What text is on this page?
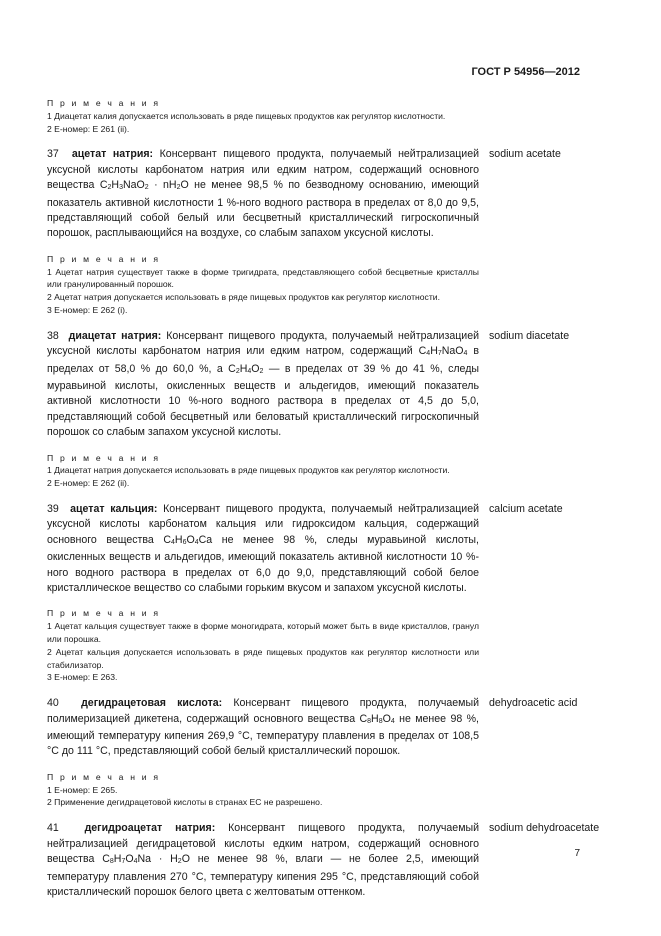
ГОСТ Р 54956—2012

П р и м е ч а н и я

1 Диацетат калия допускается использовать в ряде пищевых продуктов как регулятор кислотности.

2 E-номер: E 261 (ii).

37 ацетат натрия: Консервант пищевого продукта, получаемый нейтрализацией уксусной кислоты карбонатом натрия или едким натром, содержащий основного вещества $C_2H_3NaO_2 \cdot nH_2O$ не менее 98,5 % по безводному основанию, имеющий показатель активной кислотности 1 %-ного водного раствора в пределах от 8,0 до 9,5, представляющий собой белый или бесцветный кристаллический гигроскопичный порошок, расплывающийся на воздухе, со слабым запахом уксусной кислоты.
sodium acetate

П р и м е ч а н и я

1 Ацетат натрия существует также в форме тригидрата, представляющего собой бесцветные кристаллы или гранулированный порошок.

2 Ацетат натрия допускается использовать в ряде пищевых продуктов как регулятор кислотности.

3 E-номер: E 262 (i).

38 диацетат натрия: Консервант пищевого продукта, получаемый нейтрализацией уксусной кислоты карбонатом натрия или едким натром, содержащий $C_4H_7NaO_4$ в пределах от 58,0 % до 60,0 %, а $C_2H_4O_2$ — в пределах от 39 % до 41 %, следы муравьиной кислоты, окисленных веществ и альдегидов, имеющий показатель активной кислотности 10 %-ного водного раствора в пределах от 4,5 до 5,0, представляющий собой бесцветный или беловатый кристаллический гигроскопичный порошок со слабым запахом уксусной кислоты.
sodium diacetate

П р и м е ч а н и я

1 Диацетат натрия допускается использовать в ряде пищевых продуктов как регулятор кислотности.

2 E-номер: E 262 (ii).

39 ацетат кальция: Консервант пищевого продукта, получаемый нейтрализацией уксусной кислоты карбонатом кальция или гидроксидом кальция, содержащий основного вещества $C_4H_6O_4Ca$ не менее 98 %, следы муравьиной кислоты, окисленных веществ и альдегидов, имеющий показатель активной кислотности 10 %-ного водного раствора в пределах от 6,0 до 9,0, представляющий собой белое кристаллическое вещество со слабыми горьким вкусом и запахом уксусной кислоты.
calcium acetate

П р и м е ч а н и я

1 Ацетат кальция существует также в форме моногидрата, который может быть в виде кристаллов, гранул или порошка.

2 Ацетат кальция допускается использовать в ряде пищевых продуктов как регулятор кислотности или стабилизатор.

3 E-номер: E 263.

40 дегидрацетовая кислота: Консервант пищевого продукта, получаемый полимеризацией дикетена, содержащий основного вещества $C_8H_8O_4$ не менее 98 %, имеющий температуру кипения 269,9 °С, температуру плавления в пределах от 108,5 °С до 111 °С, представляющий собой белый кристаллический порошок.
dehydroacetic acid

П р и м е ч а н и я

1 E-номер: E 265.

2 Применение дегидрацетовой кислоты в странах ЕС не разрешено.

41 дегидроацетат натрия: Консервант пищевого продукта, получаемый нейтрализацией дегидрацетовой кислоты едким натром, содержащий основного вещества $C_8H_7O_4Na \cdot H_2O$ не менее 98 %, влаги — не более 2,5, имеющий температуру плавления 270 °С, температуру кипения 295 °С, представляющий собой кристаллический порошок белого цвета с желтоватым оттенком.
sodium dehydroacetate
7
